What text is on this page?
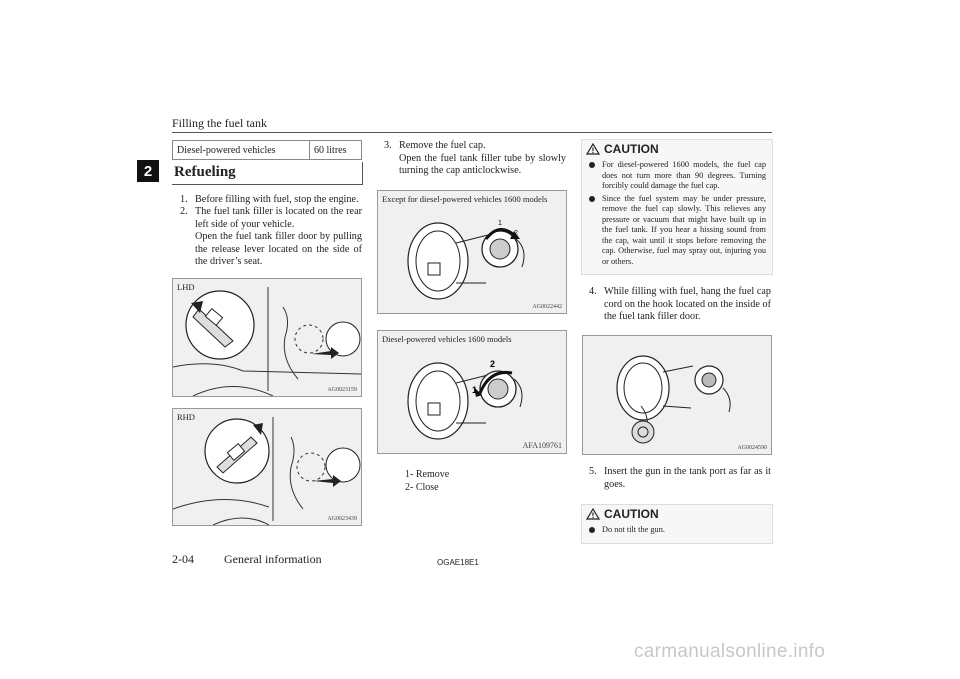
Filling the fuel tank
2
Diesel-powered vehicles	60 litres
Refueling
1. Before filling with fuel, stop the engine.
2. The fuel tank filler is located on the rear left side of your vehicle.
Open the fuel tank filler door by pulling the release lever located on the side of the driver’s seat.
LHD
AG0023159
RHD
AG0023439
3. Remove the fuel cap.
Open the fuel tank filler tube by slowly turning the cap anticlockwise.
Except for diesel-powered vehicles 1600 models
1
2
AG0022442
Diesel-powered vehicles 1600 models
2
1
AFA109761
1- Remove
2- Close
CAUTION
For diesel-powered 1600 models, the fuel cap does not turn more than 90 degrees. Turning forcibly could damage the fuel cap.
Since the fuel system may be under pressure, remove the fuel cap slowly. This relieves any pressure or vacuum that might have built up in the fuel tank. If you hear a hissing sound from the cap, wait until it stops before removing the cap. Otherwise, fuel may spray out, injuring you or others.
4. While filling with fuel, hang the fuel cap cord on the hook located on the inside of the fuel tank filler door.
AG0024590
5. Insert the gun in the tank port as far as it goes.
CAUTION
Do not tilt the gun.
2-04	General information	OGAE18E1
carmanualsonline.info
